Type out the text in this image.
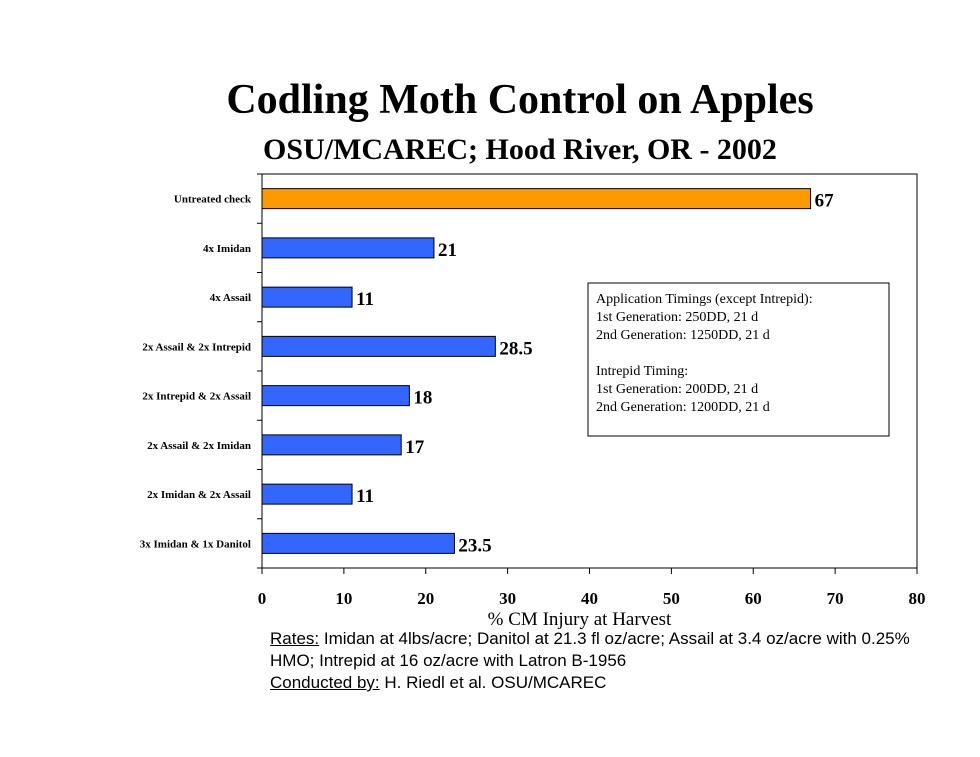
Codling Moth Control on Apples
OSU/MCAREC; Hood River, OR - 2002
0	10	20	30	40	50	60	70	80
Untreated check	67
4x Imidan	21
4x Assail	11
2x Assail & 2x Intrepid	28.5
2x Intrepid & 2x Assail	18
2x Assail & 2x Imidan	17
2x Imidan & 2x Assail	11
3x Imidan & 1x Danitol	23.5
% CM Injury at Harvest
Application Timings (except Intrepid):
1st Generation: 250DD, 21 d
2nd Generation: 1250DD, 21 d
Intrepid Timing:
1st Generation: 200DD, 21 d
2nd Generation: 1200DD, 21 d
Rates: Imidan at 4lbs/acre; Danitol at 21.3 fl oz/acre; Assail at 3.4 oz/acre with 0.25% HMO; Intrepid at 16 oz/acre with Latron B-1956
Conducted by: H. Riedl et al. OSU/MCAREC
